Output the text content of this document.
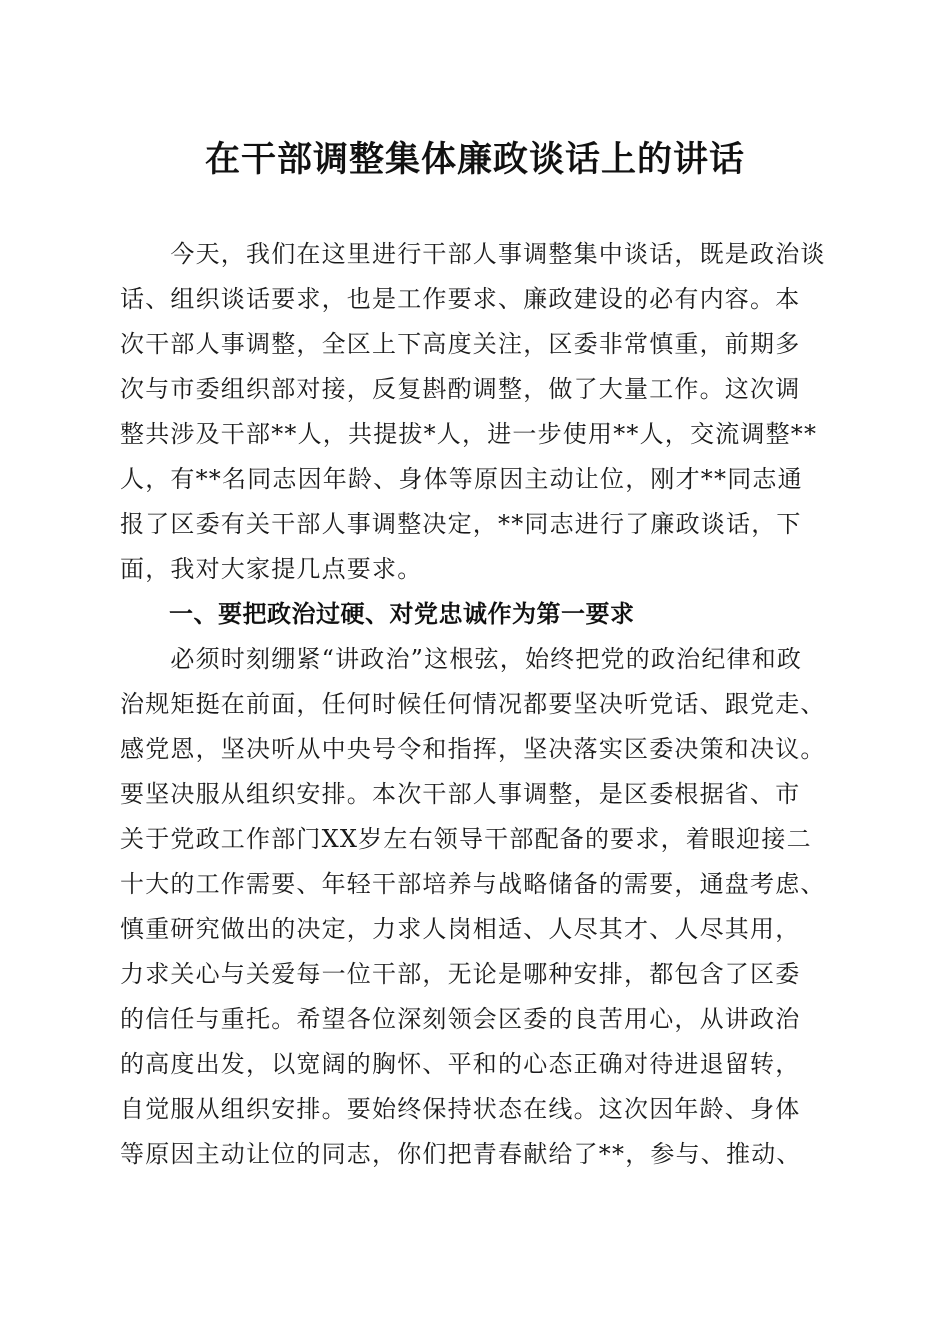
在干部调整集体廉政谈话上的讲话
　　今天，我们在这里进行干部人事调整集中谈话，既是政治谈
话、组织谈话要求，也是工作要求、廉政建设的必有内容。本
次干部人事调整，全区上下高度关注，区委非常慎重，前期多
次与市委组织部对接，反复斟酌调整，做了大量工作。这次调
整共涉及干部**人，共提拔*人，进一步使用**人，交流调整**
人，有**名同志因年龄、身体等原因主动让位，刚才**同志通
报了区委有关干部人事调整决定，**同志进行了廉政谈话，下
面，我对大家提几点要求。
　　一、要把政治过硬、对党忠诚作为第一要求
　　必须时刻绷紧“讲政治”这根弦，始终把党的政治纪律和政
治规矩挺在前面，任何时候任何情况都要坚决听党话、跟党走、
感党恩，坚决听从中央号令和指挥，坚决落实区委决策和决议。
要坚决服从组织安排。本次干部人事调整，是区委根据省、市
关于党政工作部门XX岁左右领导干部配备的要求，着眼迎接二
十大的工作需要、年轻干部培养与战略储备的需要，通盘考虑、
慎重研究做出的决定，力求人岗相适、人尽其才、人尽其用，
力求关心与关爱每一位干部，无论是哪种安排，都包含了区委
的信任与重托。希望各位深刻领会区委的良苦用心，从讲政治
的高度出发，以宽阔的胸怀、平和的心态正确对待进退留转，
自觉服从组织安排。要始终保持状态在线。这次因年龄、身体
等原因主动让位的同志，你们把青春献给了**，参与、推动、
